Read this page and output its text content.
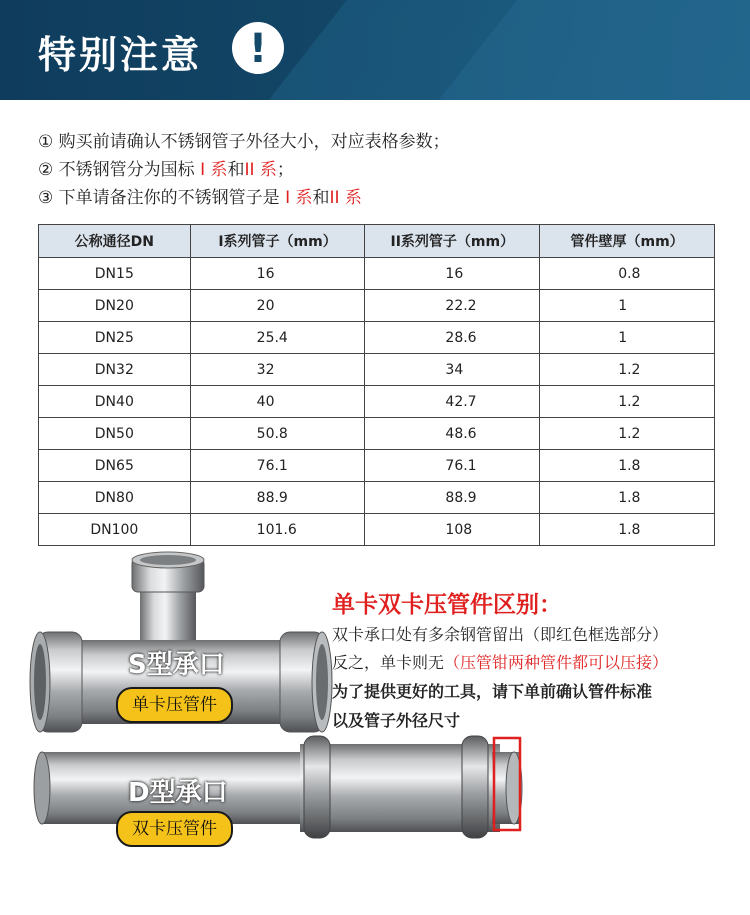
特别注意	!
① 购买前请确认不锈钢管子外径大小，对应表格参数；
② 不锈钢管分为国标 I 系和II 系；
③ 下单请备注你的不锈钢管子是 I 系和II 系
公称通径DN	I系列管子（mm）	II系列管子（mm）	管件壁厚（mm）
DN15	16	16	0.8
DN20	20	22.2	1
DN25	25.4	28.6	1
DN32	32	34	1.2
DN40	40	42.7	1.2
DN50	50.8	48.6	1.2
DN65	76.1	76.1	1.8
DN80	88.9	88.9	1.8
DN100	101.6	108	1.8
S型承口
单卡压管件
D型承口
双卡压管件
单卡双卡压管件区别：
双卡承口处有多余钢管留出（即红色框选部分）
反之，单卡则无（压管钳两种管件都可以压接）
为了提供更好的工具，请下单前确认管件标准
以及管子外径尺寸
